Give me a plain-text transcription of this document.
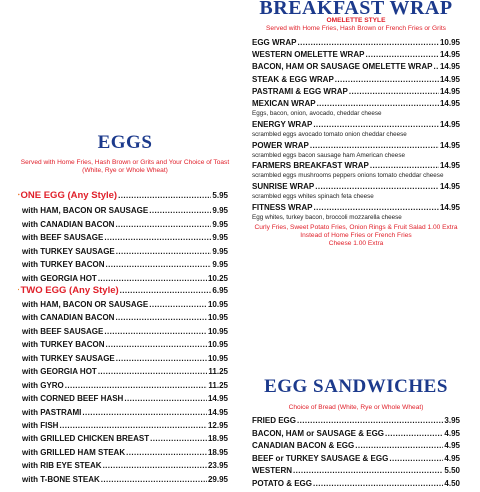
EGGS
Served with Home Fries, Hash Brown or Grits and Your Choice of Toast
(White, Rye or Whole Wheat)
ONE EGG (Any Style) .....	5.95
with HAM, BACON OR SAUSAGE .....	9.95
with CANADIAN BACON .....	9.95
with BEEF SAUSAGE .....	9.95
with TURKEY SAUSAGE .....	9.95
with TURKEY BACON .....	9.95
with GEORGIA HOT .....	10.25
TWO EGG (Any Style) .....	6.95
with HAM, BACON OR SAUSAGE .....	10.95
with CANADIAN BACON .....	10.95
with BEEF SAUSAGE .....	10.95
with TURKEY BACON .....	10.95
with TURKEY SAUSAGE .....	10.95
with GEORGIA HOT .....	11.25
with GYRO .....	11.25
with CORNED BEEF HASH .....	14.95
with PASTRAMI .....	14.95
with FISH .....	12.95
with GRILLED CHICKEN BREAST .....	18.95
with GRILLED HAM STEAK .....	18.95
with RIB EYE STEAK .....	23.95
with T-BONE STEAK .....	29.95
BREAKFAST WRAP
OMELETTE STYLE
Served with Home Fries, Hash Brown or French Fries or Grits
EGG WRAP .....	10.95
WESTERN OMELETTE WRAP .....	14.95
BACON, HAM OR SAUSAGE OMELETTE WRAP ..... 14.95
STEAK & EGG WRAP .....	14.95
PASTRAMI & EGG WRAP .....	14.95
MEXICAN WRAP .....	14.95
Eggs, bacon, onion, avocado, cheddar cheese
ENERGY WRAP .....	14.95
scrambled eggs avocado tomato onion cheddar cheese
POWER WRAP .....	14.95
scrambled eggs bacon sausage ham American cheese
FARMERS BREAKFAST WRAP .....	14.95
scrambled eggs mushrooms peppers onions tomato cheddar cheese
SUNRISE WRAP .....	14.95
scrambled eggs whites spinach feta cheese
FITNESS WRAP .....	14.95
Egg whites, turkey bacon, broccoli mozzarella cheese
Curly Fries, Sweet Potato Fries, Onion Rings & Fruit Salad 1.00 Extra
Instead of Home Fries or French Fries
Cheese 1.00 Extra
EGG SANDWICHES
Choice of Bread (White, Rye or Whole Wheat)
FRIED EGG .....	3.95
BACON, HAM or SAUSAGE & EGG .....	4.95
CANADIAN BACON & EGG .....	4.95
BEEF or TURKEY SAUSAGE & EGG .....	4.95
WESTERN .....	5.50
POTATO & EGG .....	4.50
